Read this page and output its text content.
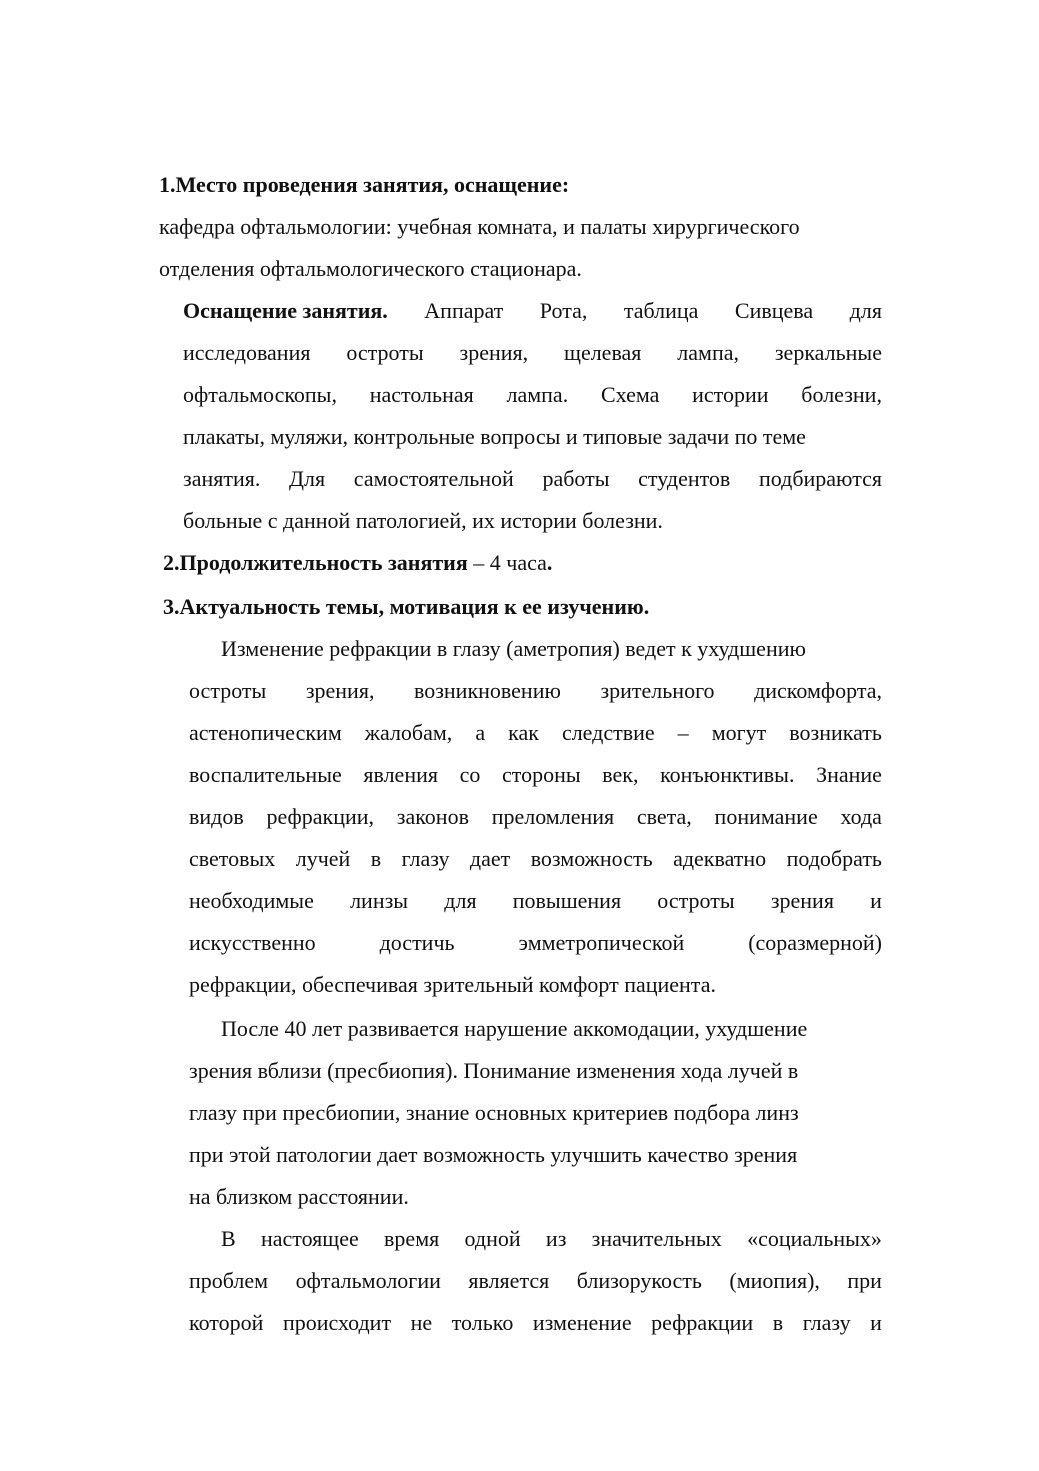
1.Место проведения занятия, оснащение:
кафедра офтальмологии: учебная комната, и палаты хирургического
отделения офтальмологического стационара.
Оснащение занятия. Аппарат Рота, таблица Сивцева для
исследования остроты зрения, щелевая лампа, зеркальные
офтальмоскопы, настольная лампа. Схема истории болезни,
плакаты, муляжи, контрольные вопросы и типовые задачи по теме
занятия. Для самостоятельной работы студентов подбираются
больные с данной патологией, их истории болезни.
2.Продолжительность занятия – 4 часа.
3.Актуальность темы, мотивация к ее изучению.
Изменение рефракции в глазу (аметропия) ведет к ухудшению
остроты зрения, возникновению зрительного дискомфорта,
астенопическим жалобам, а как следствие – могут возникать
воспалительные явления со стороны век, конъюнктивы. Знание
видов рефракции, законов преломления света, понимание хода
световых лучей в глазу дает возможность адекватно подобрать
необходимые линзы для повышения остроты зрения и
искусственно	достичь	эмметропической	(соразмерной)
рефракции, обеспечивая зрительный комфорт пациента.
После 40 лет развивается нарушение аккомодации, ухудшение
зрения вблизи (пресбиопия). Понимание изменения хода лучей в
глазу при пресбиопии, знание основных критериев подбора линз
при этой патологии дает возможность улучшить качество зрения
на близком расстоянии.
В настоящее время одной из значительных «социальных»
проблем офтальмологии является близорукость (миопия), при
которой происходит не только изменение рефракции в глазу и
